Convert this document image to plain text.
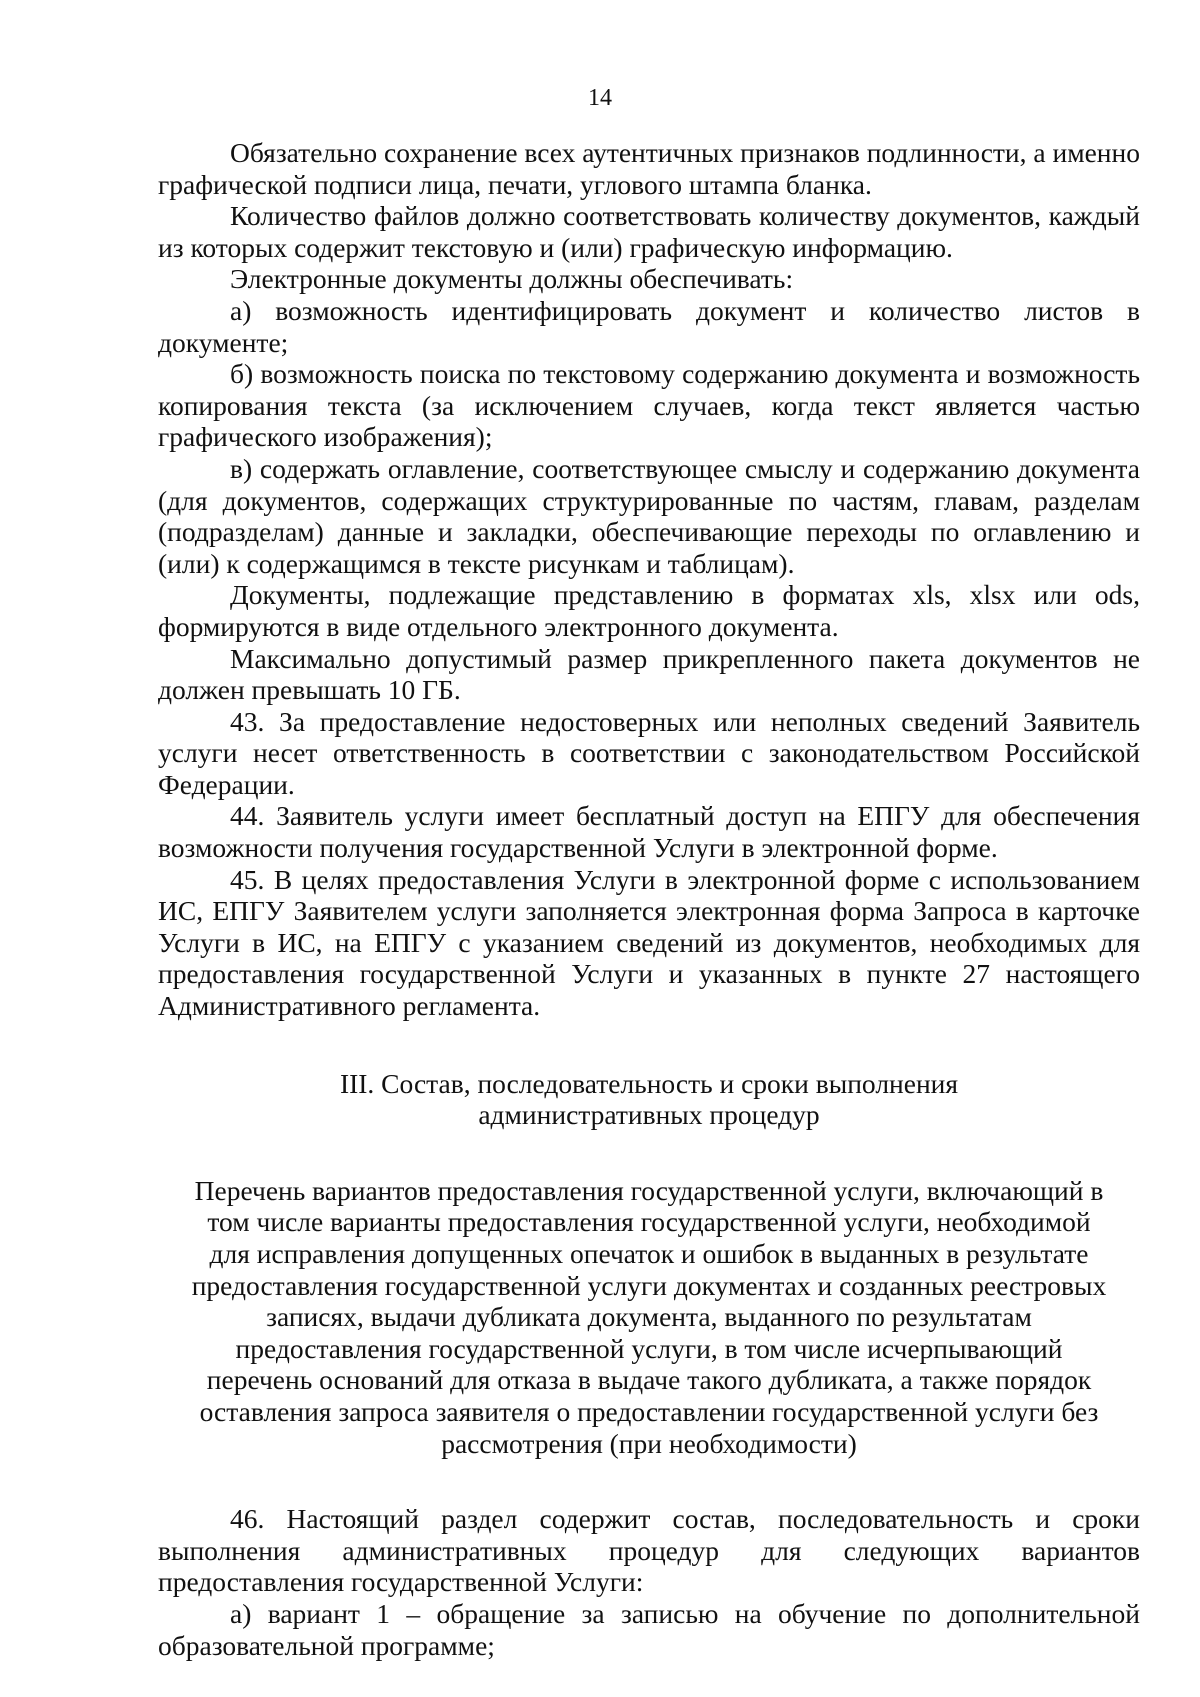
14

Обязательно сохранение всех аутентичных признаков подлинности, а именно графической подписи лица, печати, углового штампа бланка.

Количество файлов должно соответствовать количеству документов, каждый из которых содержит текстовую и (или) графическую информацию.

Электронные документы должны обеспечивать:

а) возможность идентифицировать документ и количество листов в документе;

б) возможность поиска по текстовому содержанию документа и возможность копирования текста (за исключением случаев, когда текст является частью графического изображения);

в) содержать оглавление, соответствующее смыслу и содержанию документа (для документов, содержащих структурированные по частям, главам, разделам (подразделам) данные и закладки, обеспечивающие переходы по оглавлению и (или) к содержащимся в тексте рисункам и таблицам).

Документы, подлежащие представлению в форматах xls, xlsx или ods, формируются в виде отдельного электронного документа.

Максимально допустимый размер прикрепленного пакета документов не должен превышать 10 ГБ.

43. За предоставление недостоверных или неполных сведений Заявитель услуги несет ответственность в соответствии с законодательством Российской Федерации.

44. Заявитель услуги имеет бесплатный доступ на ЕПГУ для обеспечения возможности получения государственной Услуги в электронной форме.

45. В целях предоставления Услуги в электронной форме с использованием ИС, ЕПГУ Заявителем услуги заполняется электронная форма Запроса в карточке Услуги в ИС, на ЕПГУ с указанием сведений из документов, необходимых для предоставления государственной Услуги и указанных в пункте 27 настоящего Административного регламента.

III. Состав, последовательность и сроки выполнения
административных процедур
Перечень вариантов предоставления государственной услуги, включающий в том числе варианты предоставления государственной услуги, необходимой для исправления допущенных опечаток и ошибок в выданных в результате предоставления государственной услуги документах и созданных реестровых записях, выдачи дубликата документа, выданного по результатам предоставления государственной услуги, в том числе исчерпывающий перечень оснований для отказа в выдаче такого дубликата, а также порядок оставления запроса заявителя о предоставлении государственной услуги без рассмотрения (при необходимости)

46. Настоящий раздел содержит состав, последовательность и сроки выполнения административных процедур для следующих вариантов предоставления государственной Услуги:

а) вариант 1 – обращение за записью на обучение по дополнительной образовательной программе;
